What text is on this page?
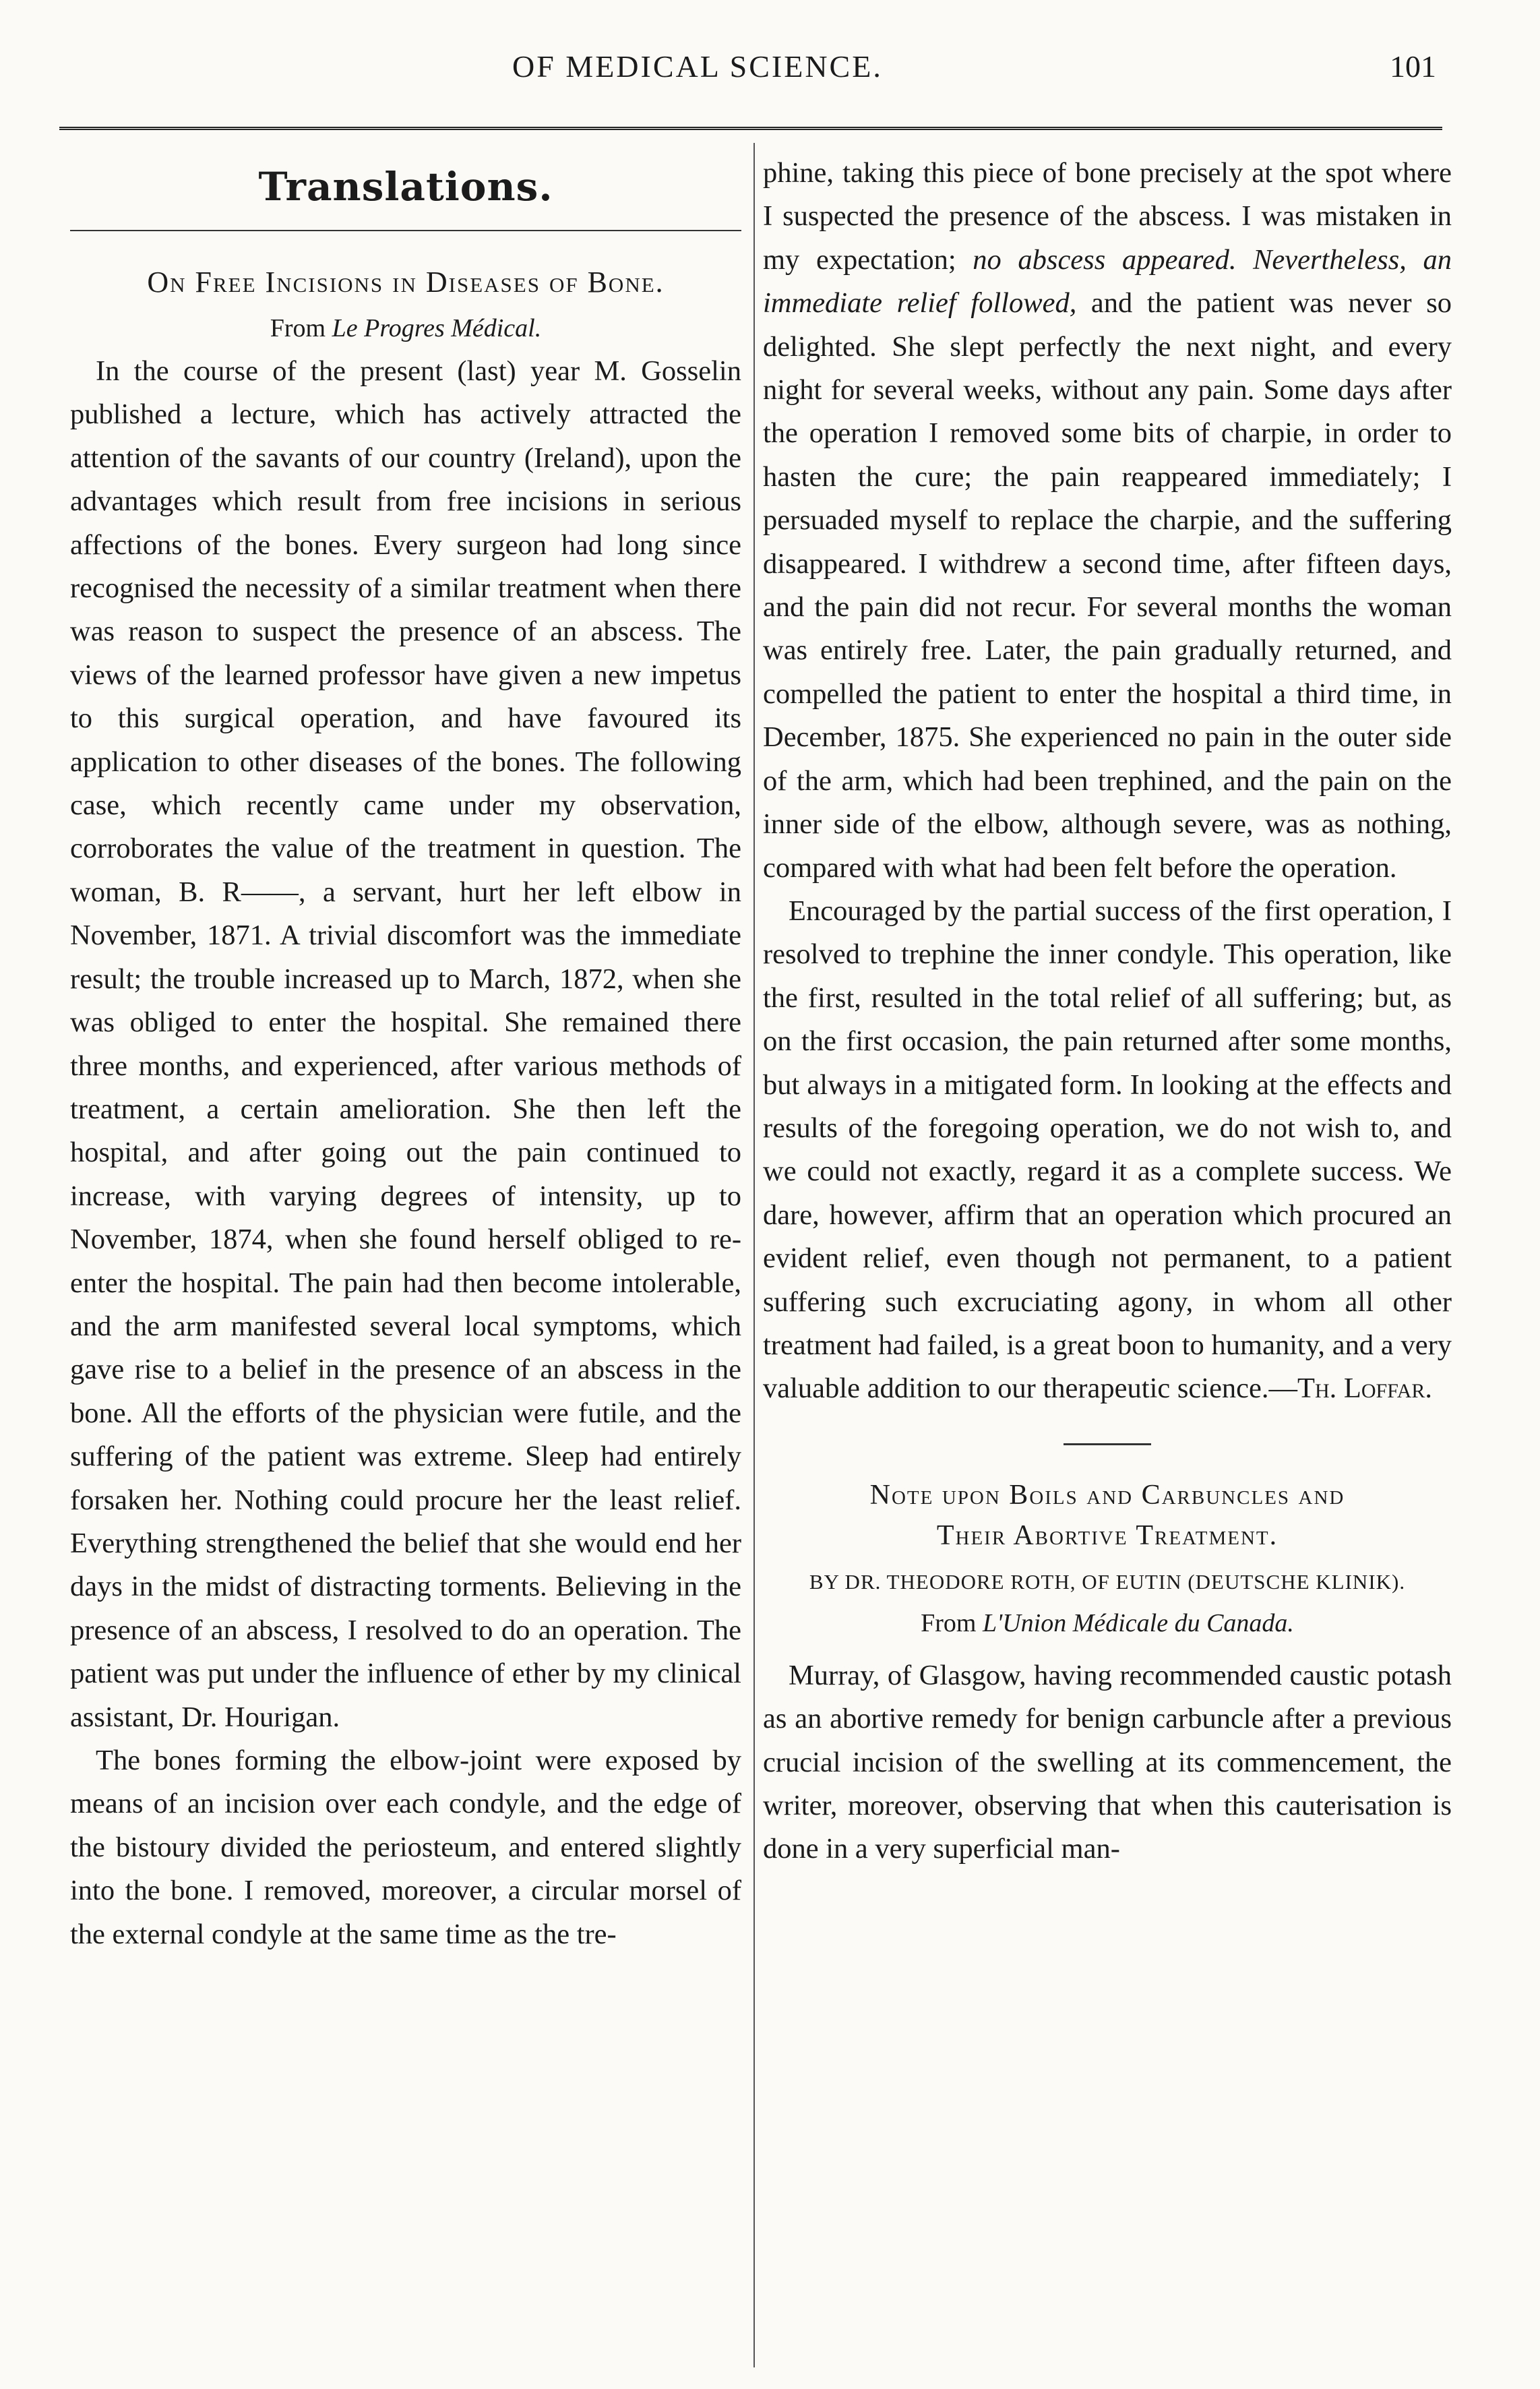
OF MEDICAL SCIENCE.	101
Translations.
On Free Incisions in Diseases of Bone.
From Le Progres Médical.

In the course of the present (last) year M. Gosselin published a lecture, which has actively attracted the attention of the savants of our country (Ireland), upon the advantages which result from free incisions in serious affections of the bones. Every surgeon had long since recognised the necessity of a similar treatment when there was reason to suspect the presence of an abscess. The views of the learned professor have given a new impetus to this surgical operation, and have favoured its application to other diseases of the bones. The following case, which recently came under my observation, corroborates the value of the treatment in question. The woman, B. R——, a servant, hurt her left elbow in November, 1871. A trivial discomfort was the immediate result; the trouble increased up to March, 1872, when she was obliged to enter the hospital. She remained there three months, and experienced, after various methods of treatment, a certain amelioration. She then left the hospital, and after going out the pain continued to increase, with varying degrees of intensity, up to November, 1874, when she found herself obliged to re-enter the hospital. The pain had then become intolerable, and the arm manifested several local symptoms, which gave rise to a belief in the presence of an abscess in the bone. All the efforts of the physician were futile, and the suffering of the patient was extreme. Sleep had entirely forsaken her. Nothing could procure her the least relief. Everything strengthened the belief that she would end her days in the midst of distracting torments. Believing in the presence of an abscess, I resolved to do an operation. The patient was put under the influence of ether by my clinical assistant, Dr. Hourigan.

The bones forming the elbow-joint were exposed by means of an incision over each condyle, and the edge of the bistoury divided the periosteum, and entered slightly into the bone. I removed, moreover, a circular morsel of the external condyle at the same time as the tre-

phine, taking this piece of bone precisely at the spot where I suspected the presence of the abscess. I was mistaken in my expectation; no abscess appeared. Nevertheless, an immediate relief followed, and the patient was never so delighted. She slept perfectly the next night, and every night for several weeks, without any pain. Some days after the operation I removed some bits of charpie, in order to hasten the cure; the pain reappeared immediately; I persuaded myself to replace the charpie, and the suffering disappeared. I withdrew a second time, after fifteen days, and the pain did not recur. For several months the woman was entirely free. Later, the pain gradually returned, and compelled the patient to enter the hospital a third time, in December, 1875. She experienced no pain in the outer side of the arm, which had been trephined, and the pain on the inner side of the elbow, although severe, was as nothing, compared with what had been felt before the operation.

Encouraged by the partial success of the first operation, I resolved to trephine the inner condyle. This operation, like the first, resulted in the total relief of all suffering; but, as on the first occasion, the pain returned after some months, but always in a mitigated form. In looking at the effects and results of the foregoing operation, we do not wish to, and we could not exactly, regard it as a complete success. We dare, however, affirm that an operation which procured an evident relief, even though not permanent, to a patient suffering such excruciating agony, in whom all other treatment had failed, is a great boon to humanity, and a very valuable addition to our therapeutic science.—Th. Loffar.

Note upon Boils and Carbuncles and
Their Abortive Treatment.
BY DR. THEODORE ROTH, OF EUTIN (DEUTSCHE KLINIK).
From L'Union Médicale du Canada.

Murray, of Glasgow, having recommended caustic potash as an abortive remedy for benign carbuncle after a previous crucial incision of the swelling at its commencement, the writer, moreover, observing that when this cauterisation is done in a very superficial man-
